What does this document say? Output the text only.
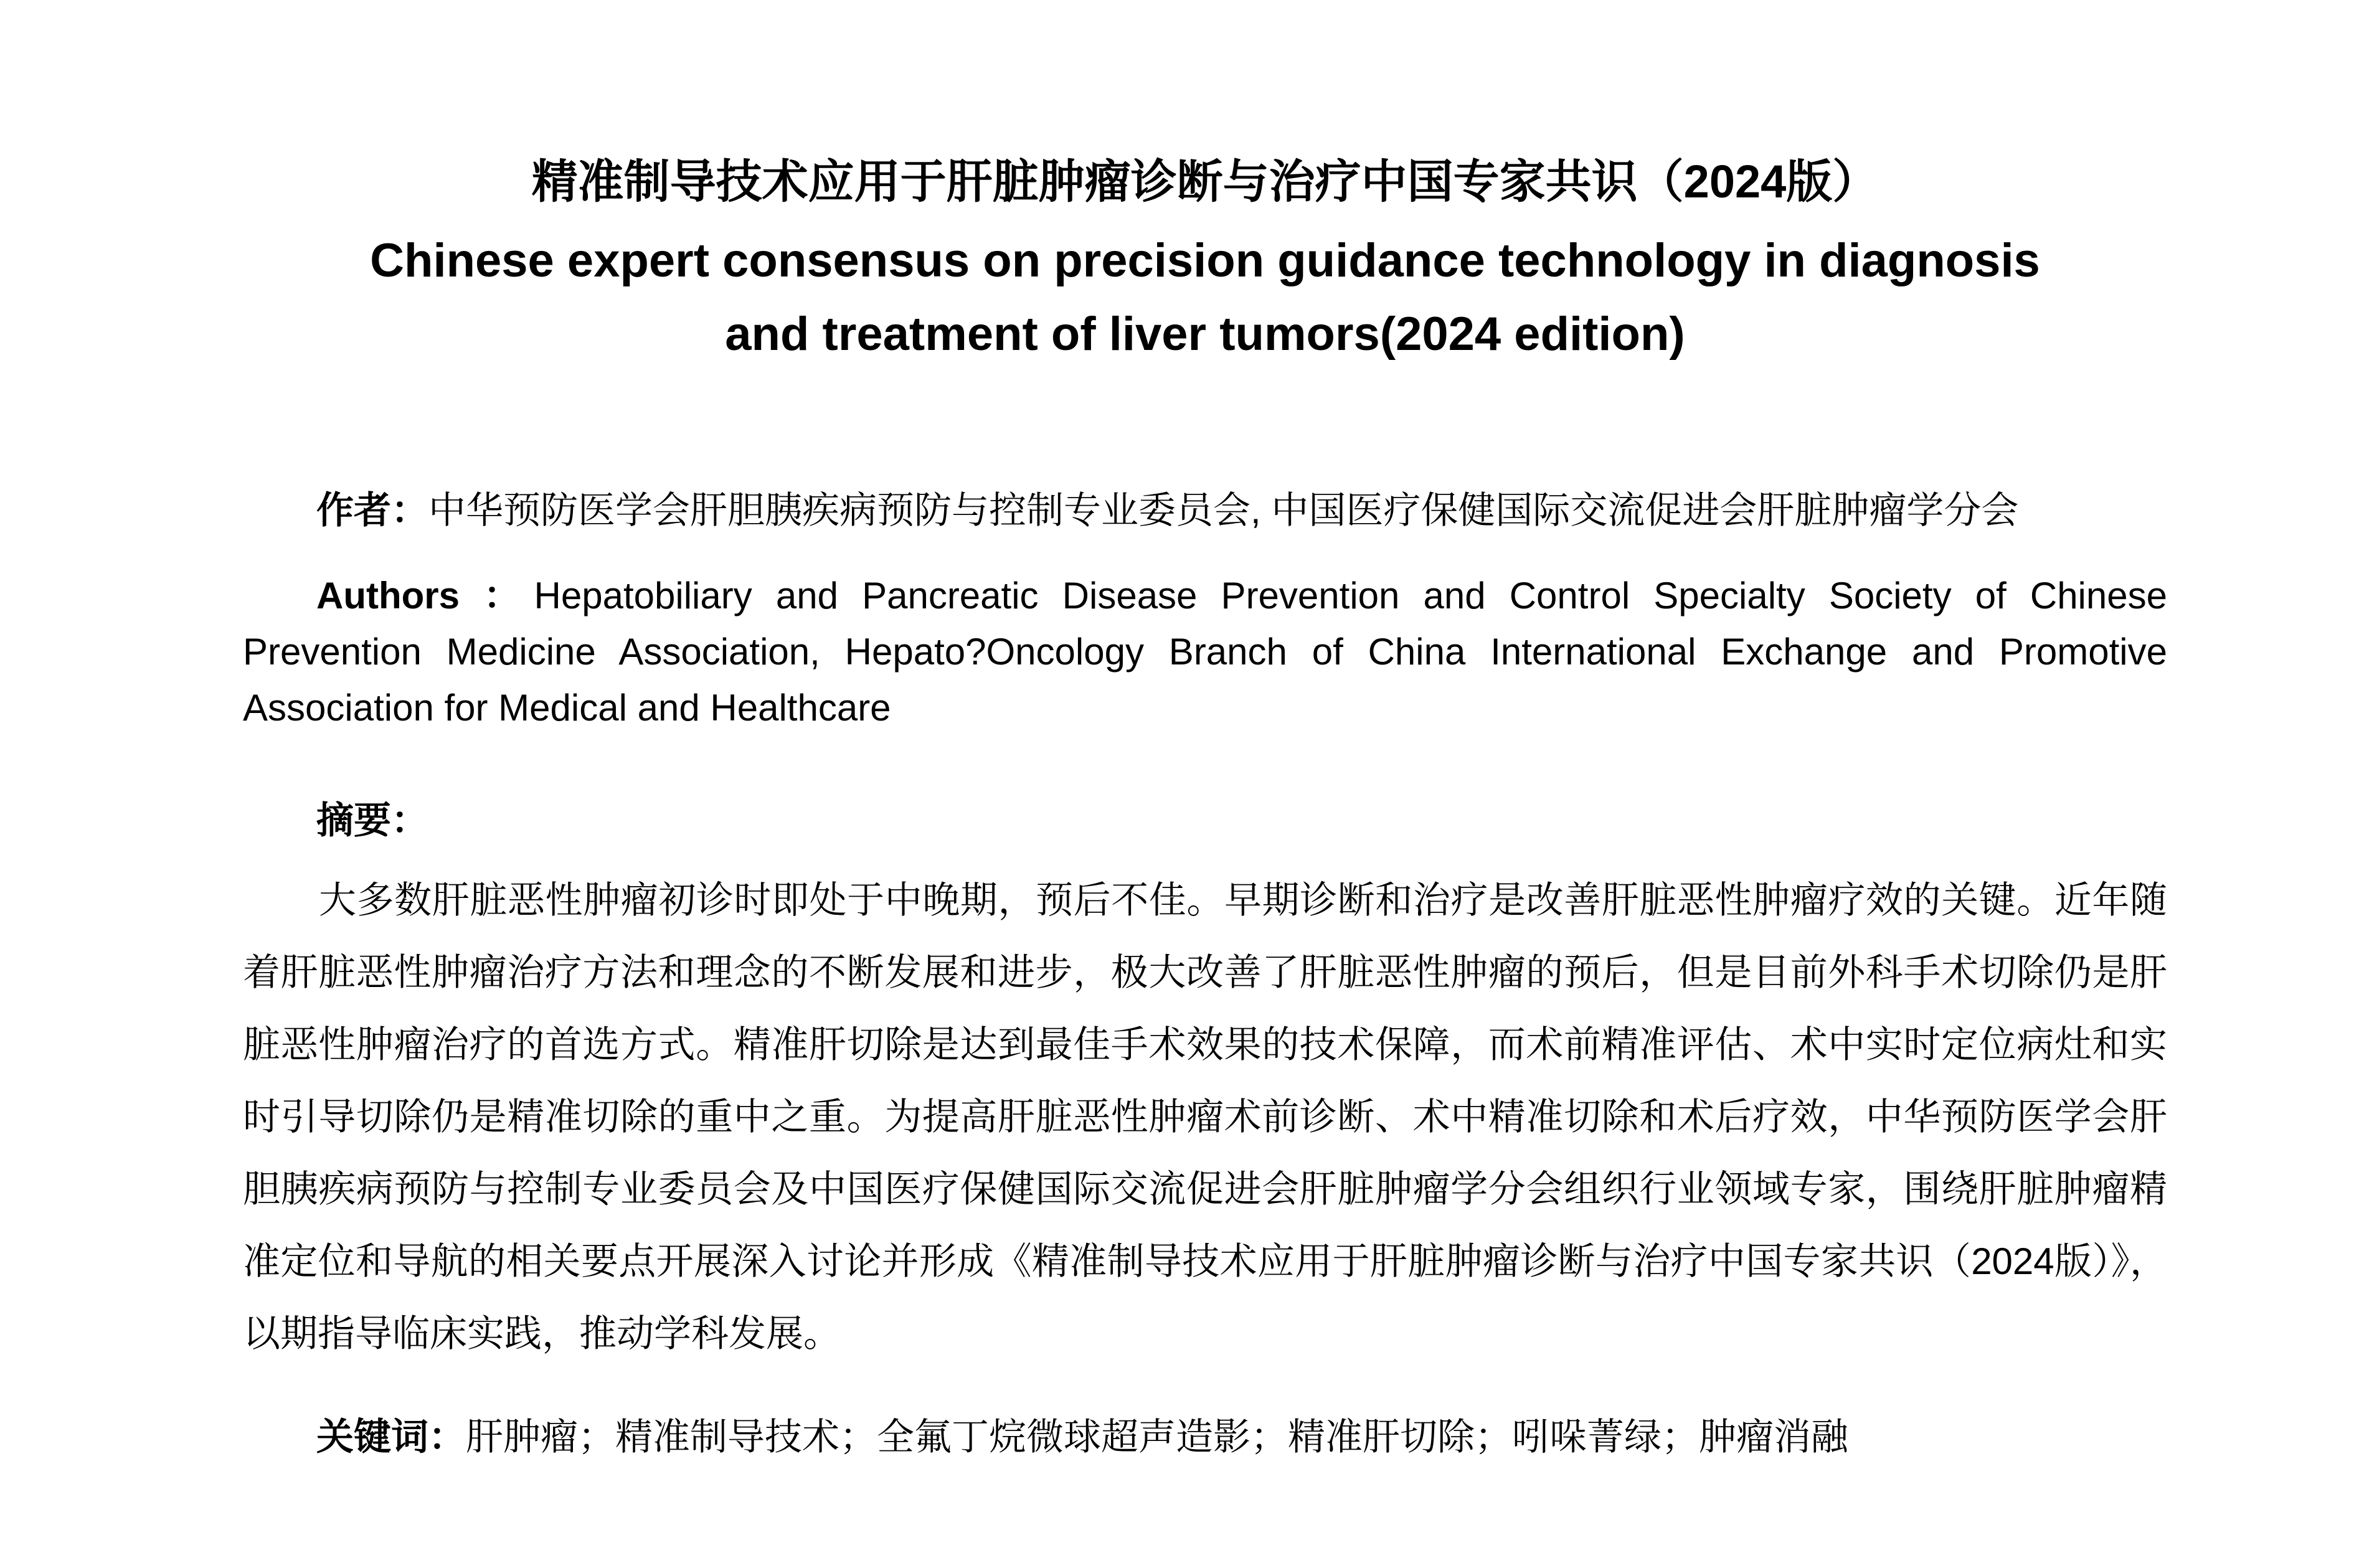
精准制导技术应用于肝脏肿瘤诊断与治疗中国专家共识（2024版）
Chinese expert consensus on precision guidance technology in diagnosis
and treatment of liver tumors(2024 edition)

作者：中华预防医学会肝胆胰疾病预防与控制专业委员会, 中国医疗保健国际交流促进会肝脏肿瘤学分会

Authors ：Hepatobiliary and Pancreatic Disease Prevention and Control Specialty Society of Chinese Prevention Medicine Association, Hepato?Oncology Branch of China International Exchange and Promotive Association for Medical and Healthcare

摘要：

大多数肝脏恶性肿瘤初诊时即处于中晚期，预后不佳。早期诊断和治疗是改善肝脏恶性肿瘤疗效的关键。近年随着肝脏恶性肿瘤治疗方法和理念的不断发展和进步，极大改善了肝脏恶性肿瘤的预后，但是目前外科手术切除仍是肝脏恶性肿瘤治疗的首选方式。精准肝切除是达到最佳手术效果的技术保障，而术前精准评估、术中实时定位病灶和实时引导切除仍是精准切除的重中之重。为提高肝脏恶性肿瘤术前诊断、术中精准切除和术后疗效，中华预防医学会肝胆胰疾病预防与控制专业委员会及中国医疗保健国际交流促进会肝脏肿瘤学分会组织行业领域专家，围绕肝脏肿瘤精准定位和导航的相关要点开展深入讨论并形成《精准制导技术应用于肝脏肿瘤诊断与治疗中国专家共识（2024版）》，以期指导临床实践，推动学科发展。

关键词：肝肿瘤；精准制导技术；全氟丁烷微球超声造影；精准肝切除；吲哚菁绿；肿瘤消融
